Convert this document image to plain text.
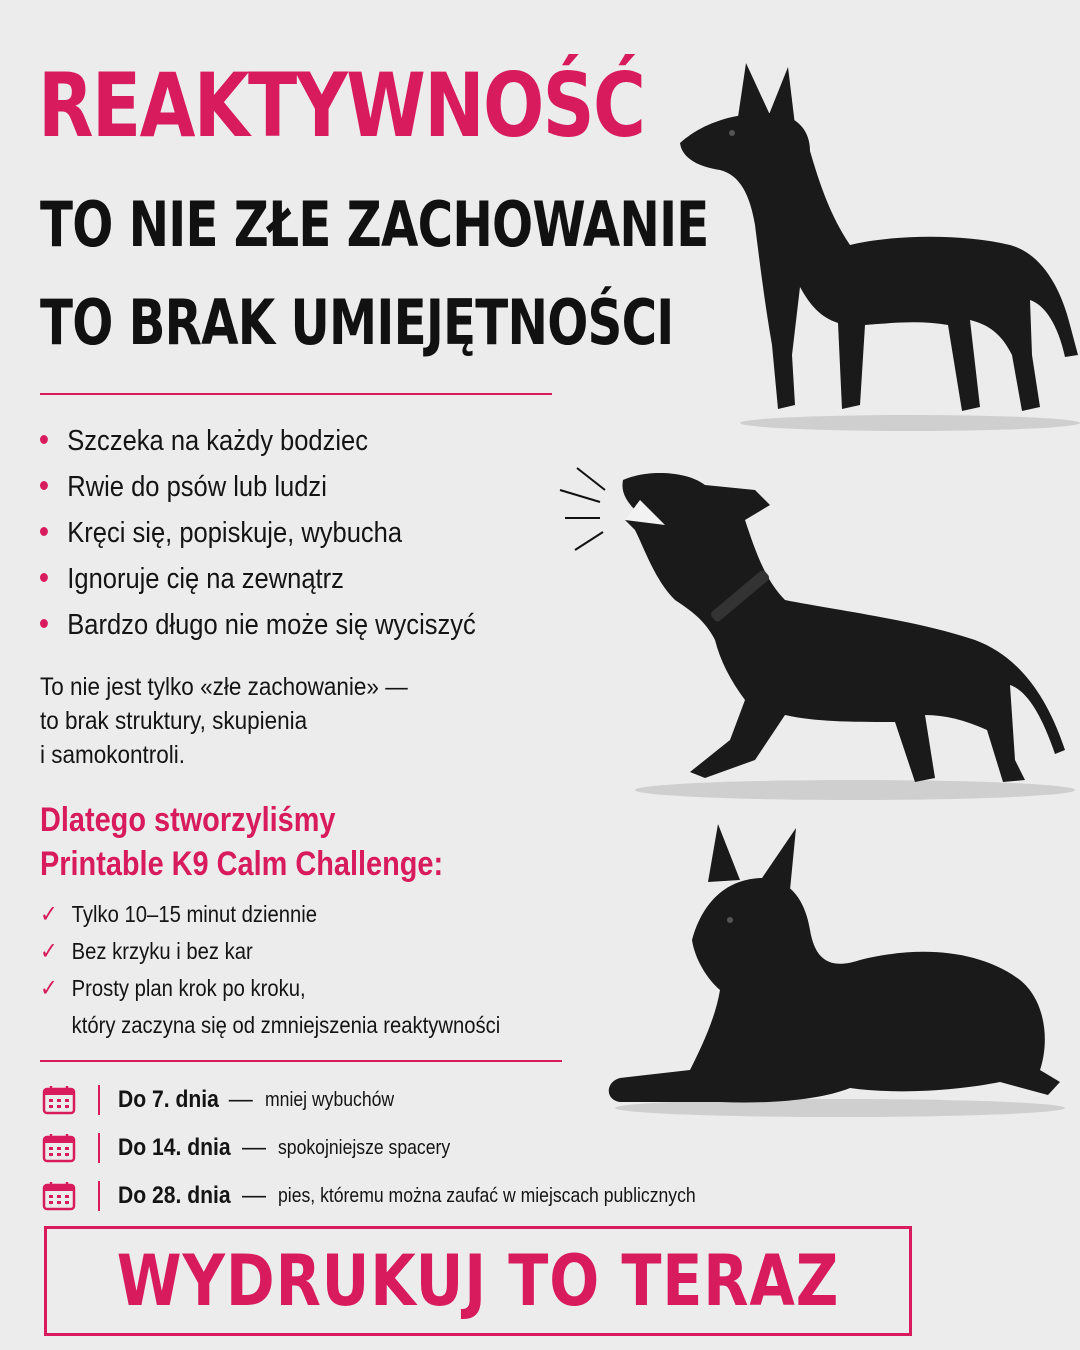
REAKTYWNOŚĆ
TO NIE ZŁE ZACHOWANIE
TO BRAK UMIEJĘTNOŚCI
Szczeka na każdy bodziec
Rwie do psów lub ludzi
Kręci się, popiskuje, wybucha
Ignoruje cię na zewnątrz
Bardzo długo nie może się wyciszyć

To nie jest tylko «złe zachowanie» —
to brak struktury, skupienia
i samokontroli.

Dlatego stworzyliśmy
Printable K9 Calm Challenge:
✓ Tylko 10–15 minut dziennie
✓ Bez krzyku i bez kar
✓ Prosty plan krok po kroku,
który zaczyna się od zmniejszenia reaktywności
Do 7. dnia — mniej wybuchów
Do 14. dnia — spokojniejsze spacery
Do 28. dnia — pies, któremu można zaufać w miejscach publicznych
WYDRUKUJ TO TERAZ
